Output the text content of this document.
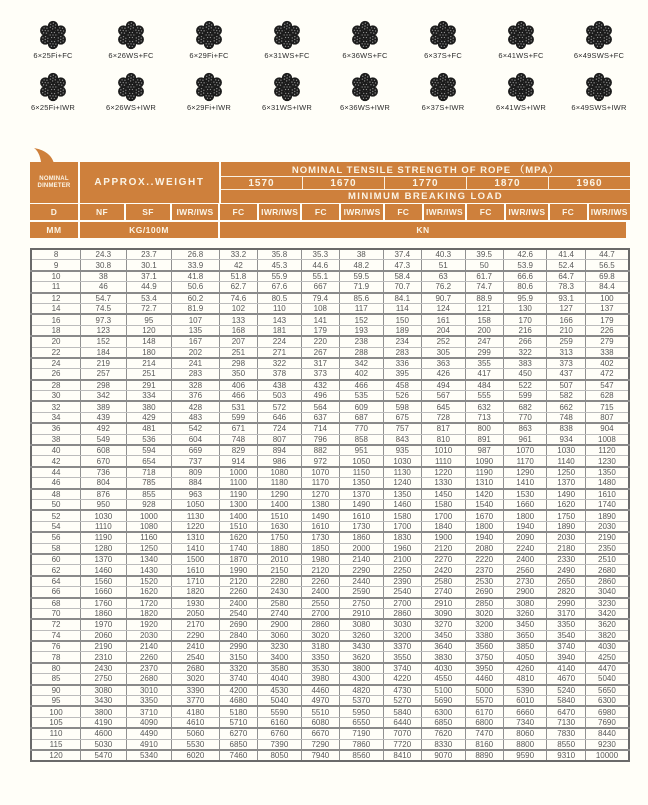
6×25Fi+FC	6×26WS+FC	6×29Fi+FC	6×31WS+FC	6×36WS+FC	6×37S+FC	6×41WS+FC	6×49SWS+FC
6×25Fi+IWR	6×26WS+IWR	6×29Fi+IWR	6×31WS+IWR	6×36WS+IWR	6×37S+IWR	6×41WS+IWR	6×49SWS+IWR
NOMINAL
DINMETER	APPROX..WEIGHT
NOMINAL TENSILE STRENGTH OF ROPE （MPA）
1570	1670	1770	1870	1960
MINIMUM BREAKING LOAD
D	NF	SF	IWR/IWS	FC	IWR/IWS	FC	IWR/IWS	FC	IWR/IWS	FC	IWR/IWS	FC	IWR/IWS
MM	KG/100M	KN
8	24.3	23.7	26.8	33.2	35.8	35.3	38	37.4	40.3	39.5	42.6	41.4	44.7
9	30.8	30.1	33.9	42	45.3	44.6	48.2	47.3	51	50	53.9	52.4	56.5
10	38	37.1	41.8	51.8	55.9	55.1	59.5	58.4	63	61.7	66.6	64.7	69.8
11	46	44.9	50.6	62.7	67.6	667	71.9	70.7	76.2	74.7	80.6	78.3	84.4
12	54.7	53.4	60.2	74.6	80.5	79.4	85.6	84.1	90.7	88.9	95.9	93.1	100
14	74.5	72.7	81.9	102	110	108	117	114	124	121	130	127	137
16	97.3	95	107	133	143	141	152	150	161	158	170	166	179
18	123	120	135	168	181	179	193	189	204	200	216	210	226
20	152	148	167	207	224	220	238	234	252	247	266	259	279
22	184	180	202	251	271	267	288	283	305	299	322	313	338
24	219	214	241	298	322	317	342	336	363	355	383	373	402
26	257	251	283	350	378	373	402	395	426	417	450	437	472
28	298	291	328	406	438	432	466	458	494	484	522	507	547
30	342	334	376	466	503	496	535	526	567	555	599	582	628
32	389	380	428	531	572	564	609	598	645	632	682	662	715
34	439	429	483	599	646	637	687	675	728	713	770	748	807
36	492	481	542	671	724	714	770	757	817	800	863	838	904
38	549	536	604	748	807	796	858	843	810	891	961	934	1008
40	608	594	669	829	894	882	951	935	1010	987	1070	1030	1120
42	670	654	737	914	986	972	1050	1030	1110	1090	1170	1140	1230
44	736	718	809	1000	1080	1070	1150	1130	1220	1190	1290	1250	1350
46	804	785	884	1100	1180	1170	1350	1240	1330	1310	1410	1370	1480
48	876	855	963	1190	1290	1270	1370	1350	1450	1420	1530	1490	1610
50	950	928	1050	1300	1400	1380	1490	1460	1580	1540	1660	1620	1740
52	1030	1000	1130	1400	1510	1490	1610	1580	1700	1670	1800	1750	1890
54	1110	1080	1220	1510	1630	1610	1730	1700	1840	1800	1940	1890	2030
56	1190	1160	1310	1620	1750	1730	1860	1830	1900	1940	2090	2030	2190
58	1280	1250	1410	1740	1880	1850	2000	1960	2120	2080	2240	2180	2350
60	1370	1340	1500	1870	2010	1980	2140	2100	2270	2220	2400	2330	2510
62	1460	1430	1610	1990	2150	2120	2290	2250	2420	2370	2560	2490	2680
64	1560	1520	1710	2120	2280	2260	2440	2390	2580	2530	2730	2650	2860
66	1660	1620	1820	2260	2430	2400	2590	2540	2740	2690	2900	2820	3040
68	1760	1720	1930	2400	2580	2550	2750	2700	2910	2850	3080	2990	3230
70	1860	1820	2050	2540	2740	2700	2910	2860	3090	3020	3260	3170	3420
72	1970	1920	2170	2690	2900	2860	3080	3030	3270	3200	3450	3350	3620
74	2060	2030	2290	2840	3060	3020	3260	3200	3450	3380	3650	3540	3820
76	2190	2140	2410	2990	3230	3180	3430	3370	3640	3560	3850	3740	4030
78	2310	2260	2540	3150	3400	3350	3620	3550	3830	3750	4050	3940	4250
80	2430	2370	2680	3320	3580	3530	3800	3740	4030	3950	4260	4140	4470
85	2750	2680	3020	3740	4040	3980	4300	4220	4550	4460	4810	4670	5040
90	3080	3010	3390	4200	4530	4460	4820	4730	5100	5000	5390	5240	5650
95	3430	3350	3770	4680	5040	4970	5370	5270	5690	5570	6010	5840	6300
100	3800	3710	4180	5180	5590	5510	5950	5840	6300	6170	6660	6470	6980
105	4190	4090	4610	5710	6160	6080	6550	6440	6850	6800	7340	7130	7690
110	4600	4490	5060	6270	6760	6670	7190	7070	7620	7470	8060	7830	8440
115	5030	4910	5530	6850	7390	7290	7860	7720	8330	8160	8800	8550	9230
120	5470	5340	6020	7460	8050	7940	8560	8410	9070	8890	9590	9310	10000
